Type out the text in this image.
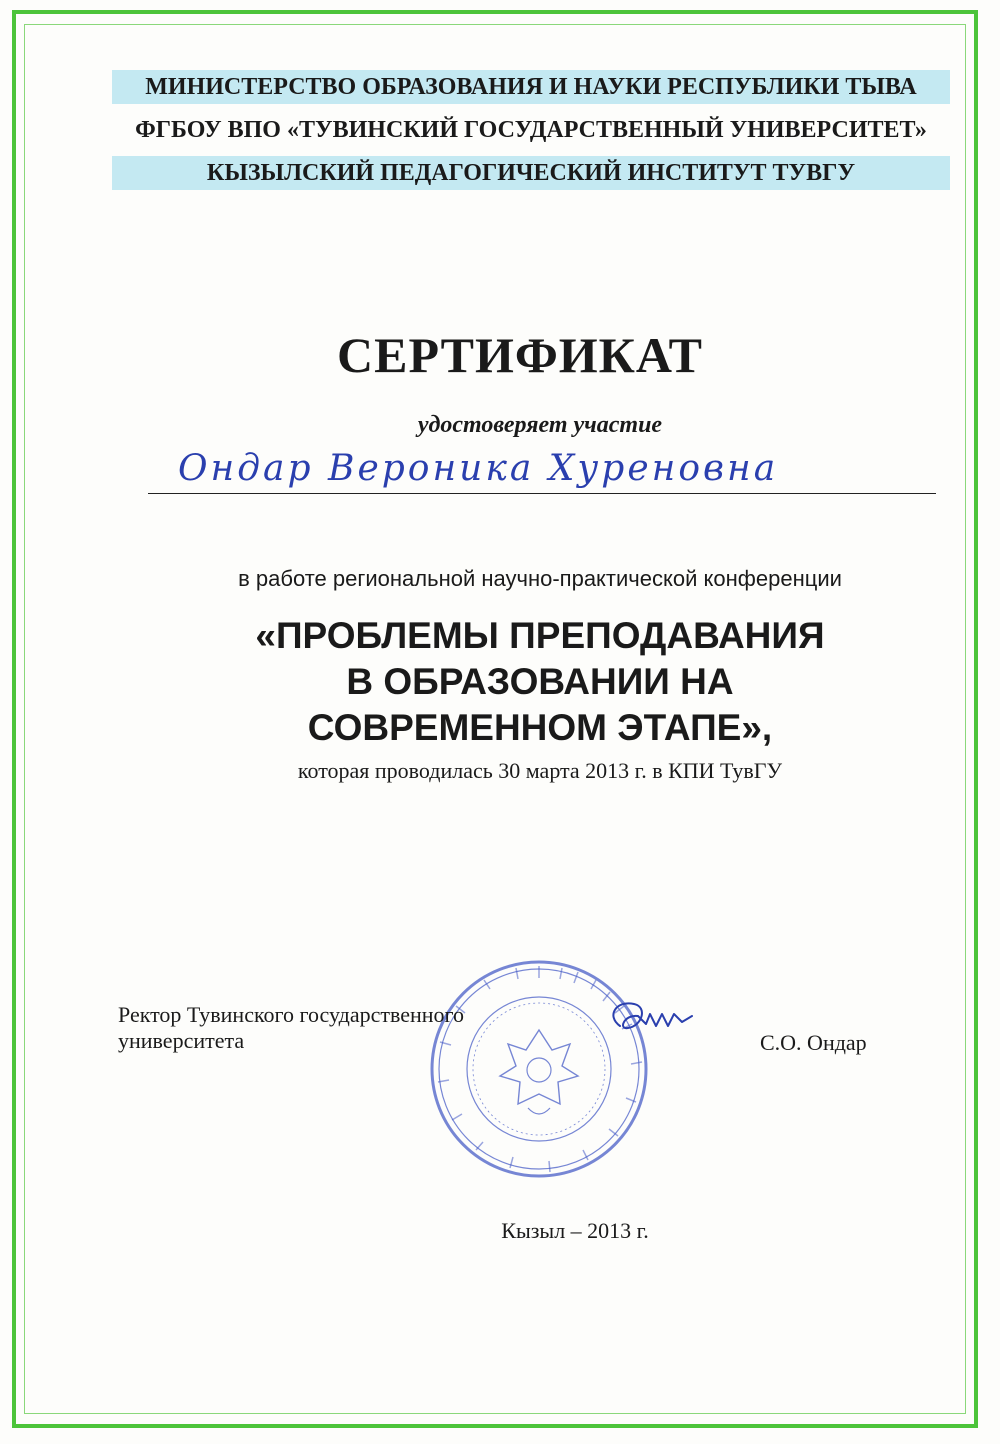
МИНИСТЕРСТВО ОБРАЗОВАНИЯ И НАУКИ РЕСПУБЛИКИ ТЫВА
ФГБОУ ВПО «ТУВИНСКИЙ ГОСУДАРСТВЕННЫЙ УНИВЕРСИТЕТ»
КЫЗЫЛСКИЙ ПЕДАГОГИЧЕСКИЙ ИНСТИТУТ ТУВГУ
СЕРТИФИКАТ
удостоверяет участие
Ондар Вероника Хуреновна
в работе региональной научно-практической конференции
«ПРОБЛЕМЫ ПРЕПОДАВАНИЯ
В ОБРАЗОВАНИИ НА
СОВРЕМЕННОМ ЭТАПЕ»,
которая проводилась 30 марта 2013 г. в КПИ ТувГУ
Ректор Тувинского государственного
университета	С.О. Ондар
Кызыл – 2013 г.
